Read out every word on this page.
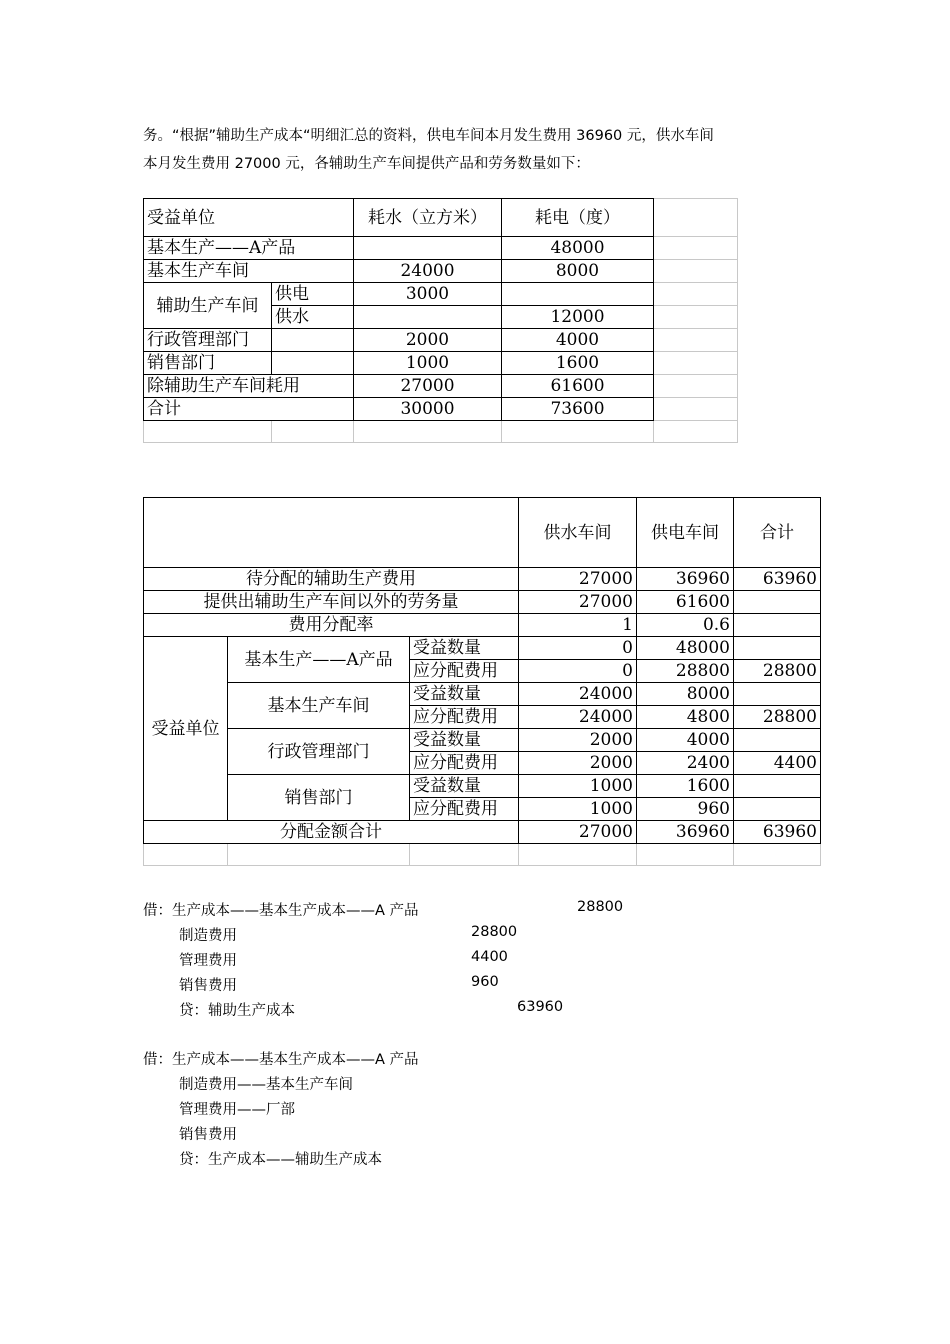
务。“根据”辅助生产成本“明细汇总的资料，供电车间本月发生费用 36960 元，供水车间
本月发生费用 27000 元，各辅助生产车间提供产品和劳务数量如下：
受益单位		耗水（立方米）	耗电（度）	
基本生产——A产品			48000	
基本生产车间		24000	8000	
辅助生产车间	供电	3000		
	供水		12000	
行政管理部门		2000	4000	
销售部门		1000	1600	
除辅助生产车间耗用		27000	61600	
合计		30000	73600	

			供水车间	供电车间	合计
待分配的辅助生产费用			27000	36960	63960
提供出辅助生产车间以外的劳务量			27000	61600	
费用分配率			1	0.6	
受益单位	基本生产——A产品	受益数量	0	48000	
		应分配费用	0	28800	28800
	基本生产车间	受益数量	24000	8000	
		应分配费用	24000	4800	28800
	行政管理部门	受益数量	2000	4000	
		应分配费用	2000	2400	4400
	销售部门	受益数量	1000	1600	
		应分配费用	1000	960	
分配金额合计			27000	36960	63960

借：生产成本——基本生产成本——A 产品	28800
制造费用	28800
管理费用	4400
销售费用	960
贷：辅助生产成本	63960
借：生产成本——基本生产成本——A 产品
制造费用——基本生产车间
管理费用——厂部
销售费用
贷：生产成本——辅助生产成本
